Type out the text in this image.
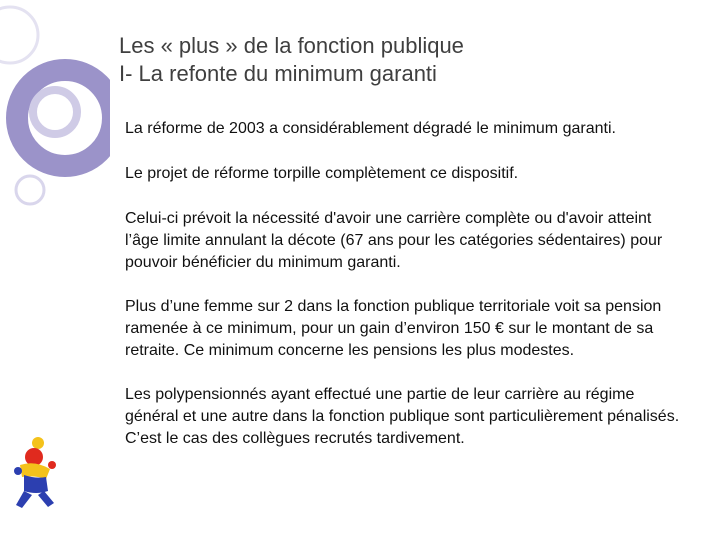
Les « plus » de la fonction publique
I- La refonte du minimum garanti
La réforme de 2003 a considérablement dégradé le minimum garanti.
Le projet de réforme torpille complètement ce dispositif.
Celui-ci prévoit la nécessité d'avoir une carrière complète ou d'avoir atteint l’âge limite annulant la décote (67 ans pour les catégories sédentaires) pour pouvoir bénéficier du minimum garanti.
Plus d’une femme sur 2 dans la fonction publique territoriale voit sa pension ramenée à ce minimum, pour un gain d’environ 150 € sur le montant de sa retraite. Ce minimum concerne les pensions les plus modestes.
Les polypensionnés ayant effectué une partie de leur carrière au régime général et une autre dans la fonction publique sont particulièrement pénalisés. C’est le cas des collègues recrutés tardivement.
